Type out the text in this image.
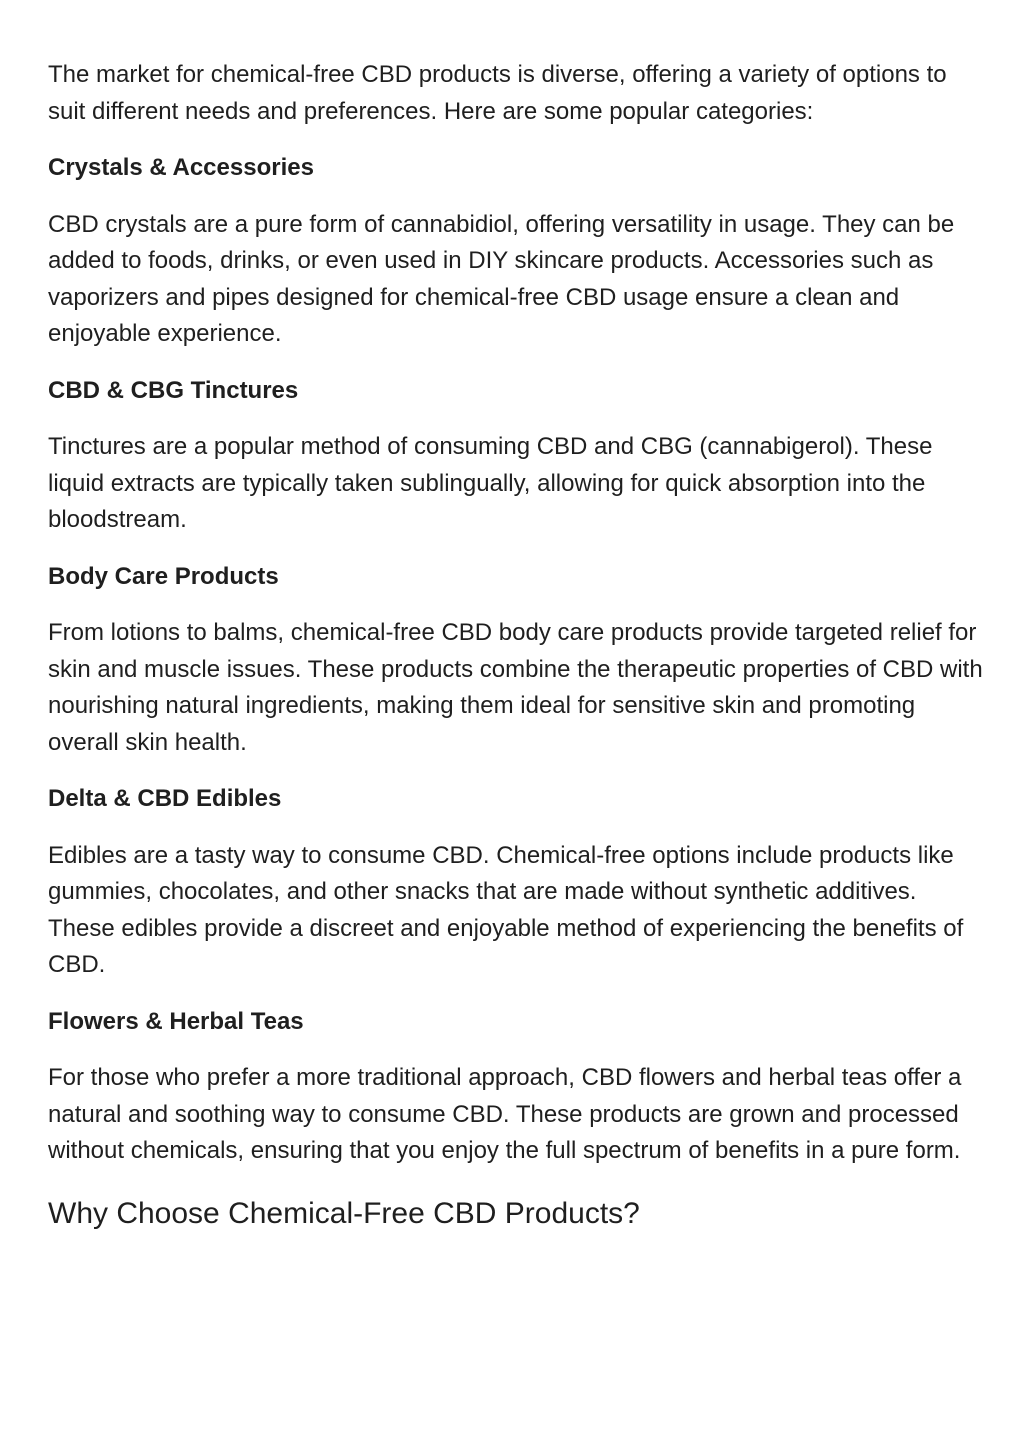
The market for chemical-free CBD products is diverse, offering a variety of options to suit different needs and preferences. Here are some popular categories:

Crystals & Accessories

CBD crystals are a pure form of cannabidiol, offering versatility in usage. They can be added to foods, drinks, or even used in DIY skincare products. Accessories such as vaporizers and pipes designed for chemical-free CBD usage ensure a clean and enjoyable experience.

CBD & CBG Tinctures

Tinctures are a popular method of consuming CBD and CBG (cannabigerol). These liquid extracts are typically taken sublingually, allowing for quick absorption into the bloodstream.

Body Care Products

From lotions to balms, chemical-free CBD body care products provide targeted relief for skin and muscle issues. These products combine the therapeutic properties of CBD with nourishing natural ingredients, making them ideal for sensitive skin and promoting overall skin health.

Delta & CBD Edibles

Edibles are a tasty way to consume CBD. Chemical-free options include products like gummies, chocolates, and other snacks that are made without synthetic additives. These edibles provide a discreet and enjoyable method of experiencing the benefits of CBD.

Flowers & Herbal Teas

For those who prefer a more traditional approach, CBD flowers and herbal teas offer a natural and soothing way to consume CBD. These products are grown and processed without chemicals, ensuring that you enjoy the full spectrum of benefits in a pure form.

Why Choose Chemical-Free CBD Products?
